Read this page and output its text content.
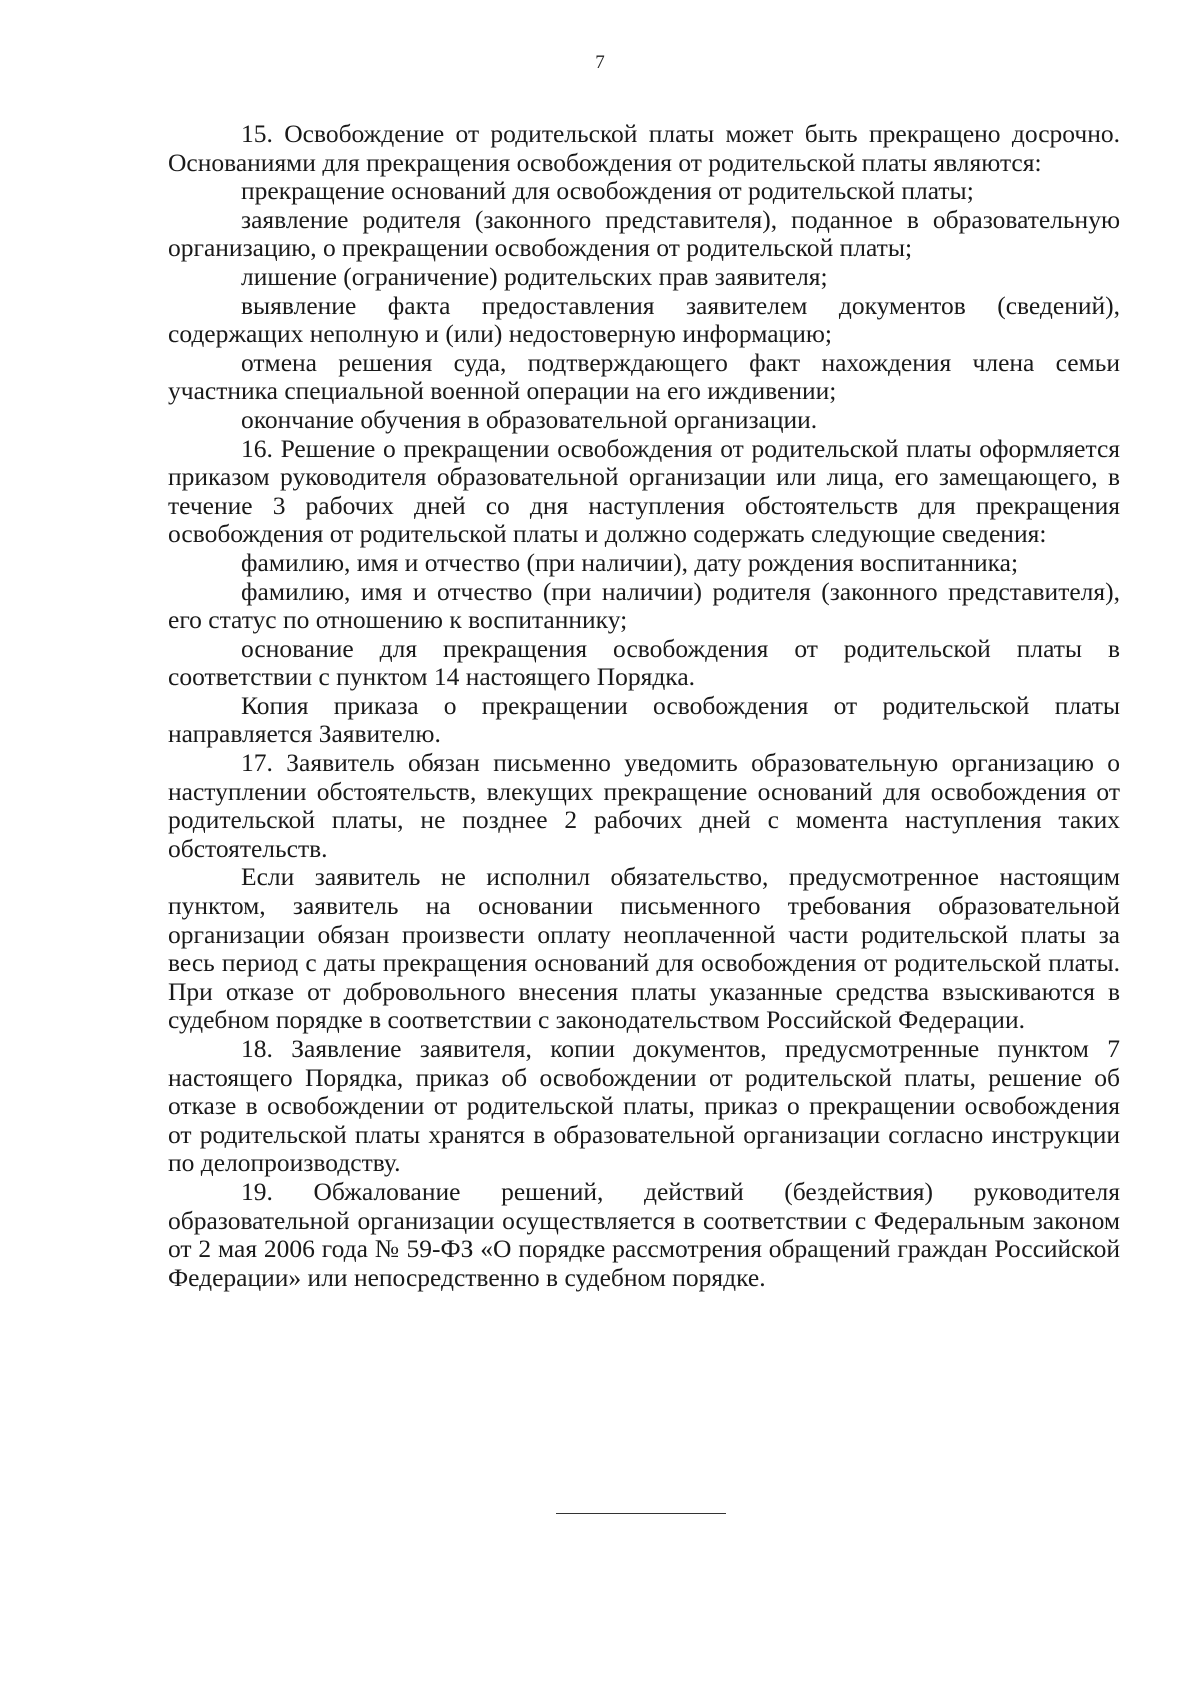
7

15. Освобождение от родительской платы может быть прекращено досрочно. Основаниями для прекращения освобождения от родительской платы являются:

прекращение оснований для освобождения от родительской платы;

заявление родителя (законного представителя), поданное в образовательную организацию, о прекращении освобождения от родительской платы;

лишение (ограничение) родительских прав заявителя;

выявление факта предоставления заявителем документов (сведений), содержащих неполную и (или) недостоверную информацию;

отмена решения суда, подтверждающего факт нахождения члена семьи участника специальной военной операции на его иждивении;

окончание обучения в образовательной организации.

16. Решение о прекращении освобождения от родительской платы оформляется приказом руководителя образовательной организации или лица, его замещающего, в течение 3 рабочих дней со дня наступления обстоятельств для прекращения освобождения от родительской платы и должно содержать следующие сведения:

фамилию, имя и отчество (при наличии), дату рождения воспитанника;

фамилию, имя и отчество (при наличии) родителя (законного представителя), его статус по отношению к воспитаннику;

основание для прекращения освобождения от родительской платы в соответствии с пунктом 14 настоящего Порядка.

Копия приказа о прекращении освобождения от родительской платы направляется Заявителю.

17. Заявитель обязан письменно уведомить образовательную организацию о наступлении обстоятельств, влекущих прекращение оснований для освобождения от родительской платы, не позднее 2 рабочих дней с момента наступления таких обстоятельств.

Если заявитель не исполнил обязательство, предусмотренное настоящим пунктом, заявитель на основании письменного требования образовательной организации обязан произвести оплату неоплаченной части родительской платы за весь период с даты прекращения оснований для освобождения от родительской платы. При отказе от добровольного внесения платы указанные средства взыскиваются в судебном порядке в соответствии с законодательством Российской Федерации.

18. Заявление заявителя, копии документов, предусмотренные пунктом 7 настоящего Порядка, приказ об освобождении от родительской платы, решение об отказе в освобождении от родительской платы, приказ о прекращении освобождения от родительской платы хранятся в образовательной организации согласно инструкции по делопроизводству.

19. Обжалование решений, действий (бездействия) руководителя образовательной организации осуществляется в соответствии с Федеральным законом от 2 мая 2006 года № 59-ФЗ «О порядке рассмотрения обращений граждан Российской Федерации» или непосредственно в судебном порядке.
